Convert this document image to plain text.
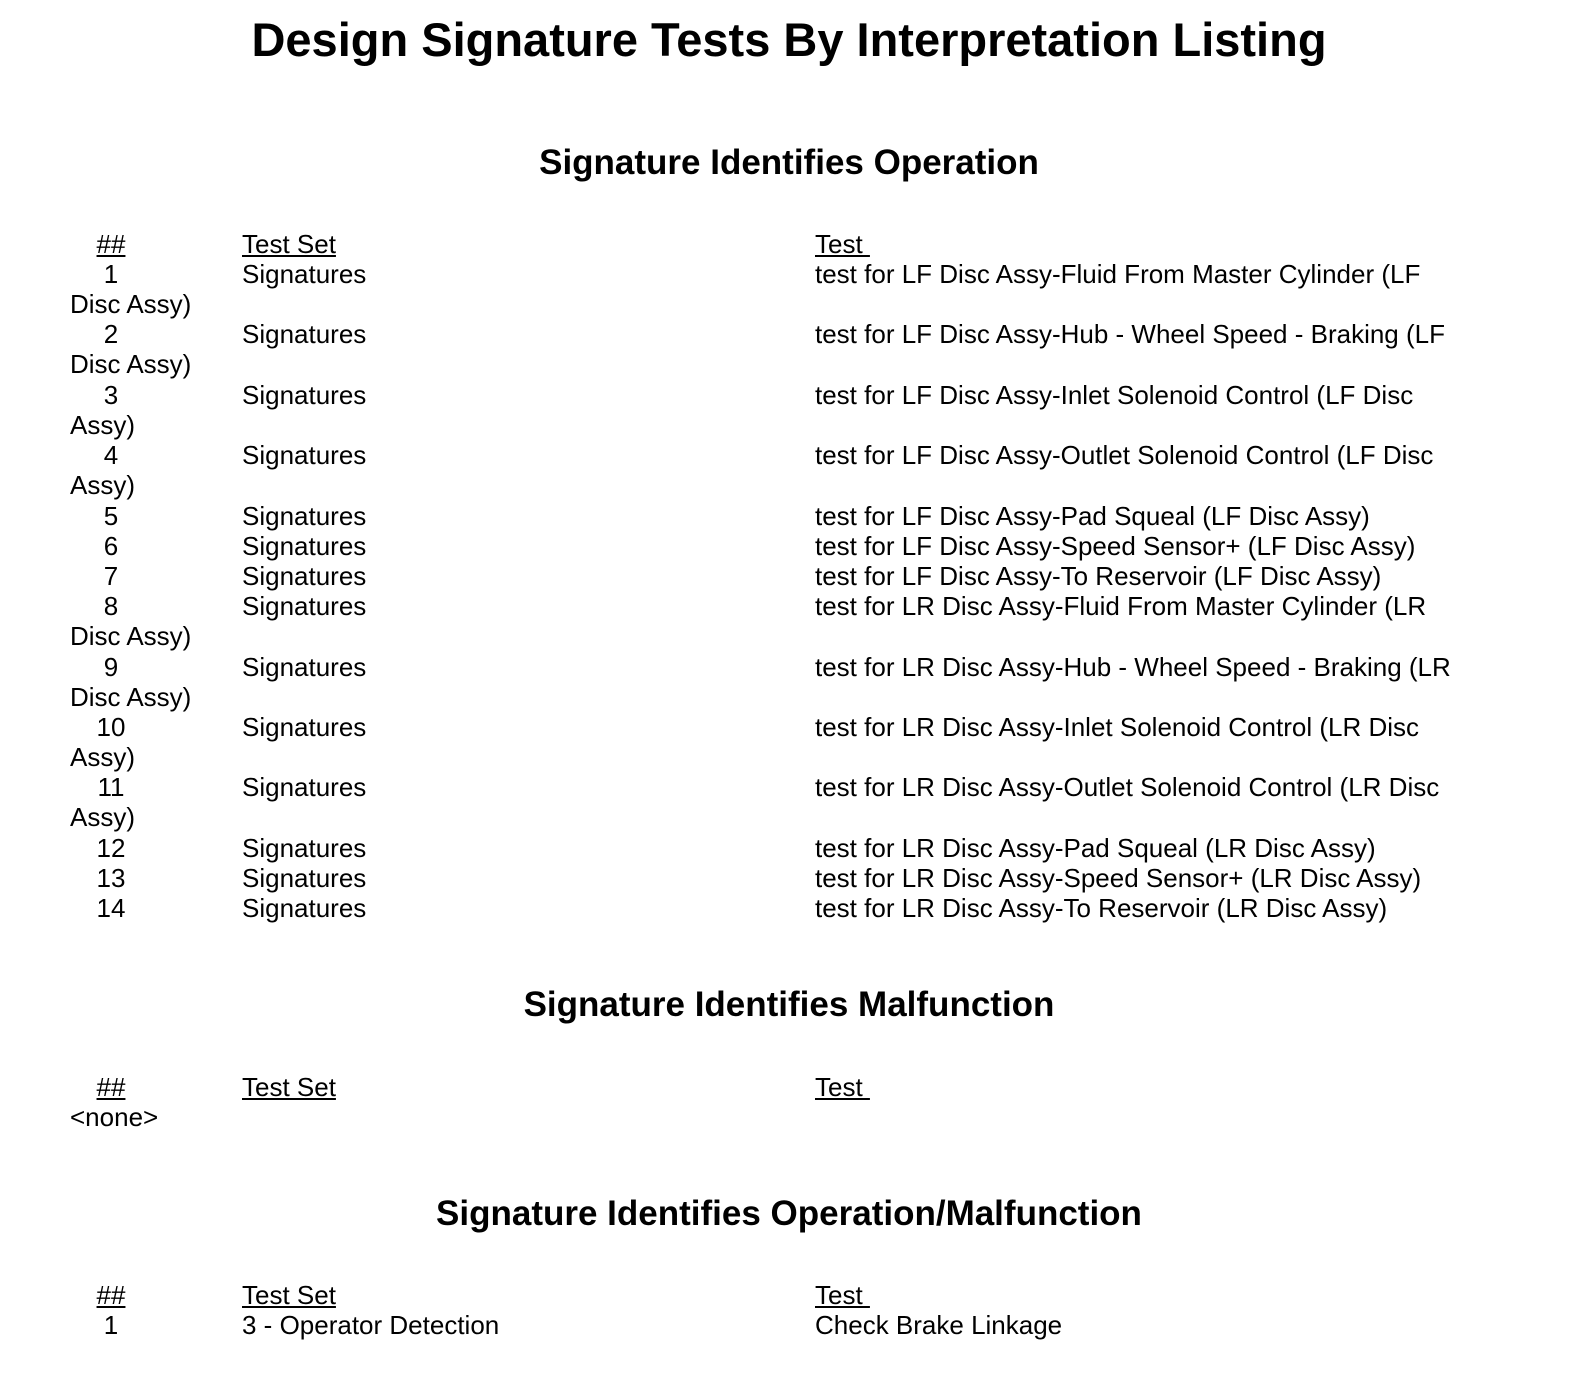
Design Signature Tests By Interpretation Listing
Signature Identifies Operation
##	Test Set	Test
1	Signatures	test for LF Disc Assy-Fluid From Master Cylinder (LF
Disc Assy)
2	Signatures	test for LF Disc Assy-Hub - Wheel Speed - Braking (LF
Disc Assy)
3	Signatures	test for LF Disc Assy-Inlet Solenoid Control (LF Disc
Assy)
4	Signatures	test for LF Disc Assy-Outlet Solenoid Control (LF Disc
Assy)
5	Signatures	test for LF Disc Assy-Pad Squeal (LF Disc Assy)
6	Signatures	test for LF Disc Assy-Speed Sensor+ (LF Disc Assy)
7	Signatures	test for LF Disc Assy-To Reservoir (LF Disc Assy)
8	Signatures	test for LR Disc Assy-Fluid From Master Cylinder (LR
Disc Assy)
9	Signatures	test for LR Disc Assy-Hub - Wheel Speed - Braking (LR
Disc Assy)
10	Signatures	test for LR Disc Assy-Inlet Solenoid Control (LR Disc
Assy)
11	Signatures	test for LR Disc Assy-Outlet Solenoid Control (LR Disc
Assy)
12	Signatures	test for LR Disc Assy-Pad Squeal (LR Disc Assy)
13	Signatures	test for LR Disc Assy-Speed Sensor+ (LR Disc Assy)
14	Signatures	test for LR Disc Assy-To Reservoir (LR Disc Assy)
Signature Identifies Malfunction
##	Test Set	Test
<none>
Signature Identifies Operation/Malfunction
##	Test Set	Test
1	3 - Operator Detection	Check Brake Linkage
